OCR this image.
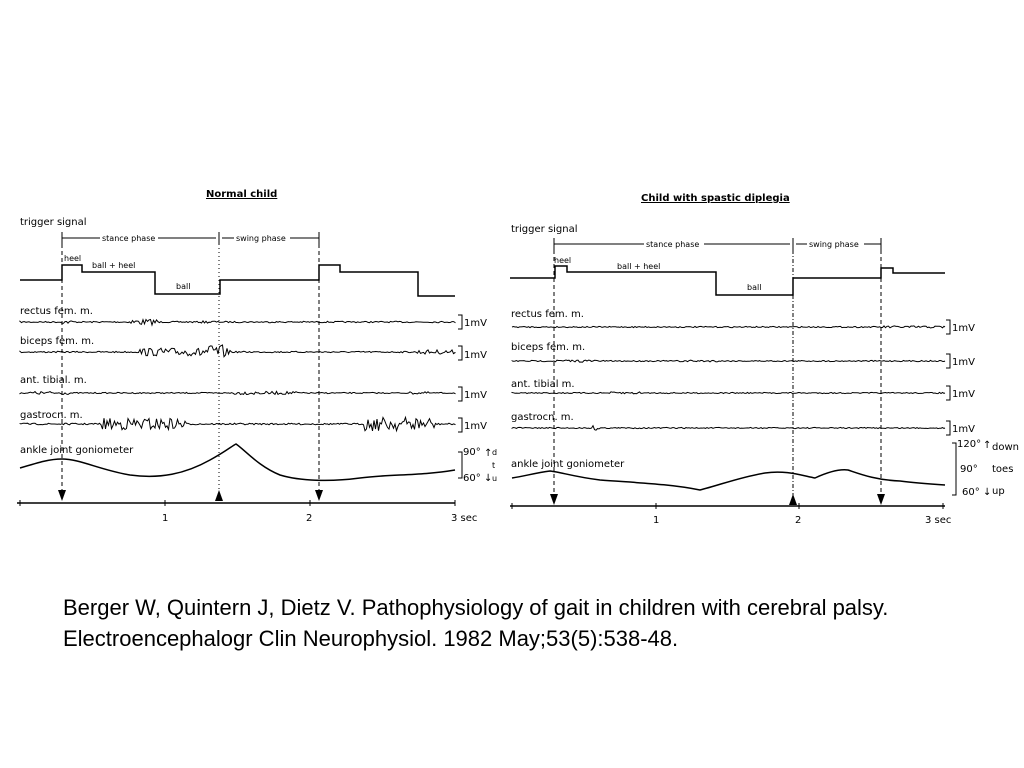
Normal child
trigger signal
stance phase	swing phase
heel
ball + heel
ball
rectus fem. m.
1mV
biceps fem. m.
1mV
ant. tibial. m.
1mV
gastrocn. m.
1mV
ankle joint goniometer	90°
60°
↑
↓
d
t
u
1	2	3 sec
Child with spastic diplegia
trigger signal
stance phase	swing phase
heel
ball + heel
ball
rectus fem. m.
1mV
biceps fem. m.
1mV
ant. tibial m.
1mV
gastrocn. m.
1mV
ankle joint goniometer
120°
90°
60°
↑
↓
down
toes
up
1	2	3 sec

Berger W, Quintern J, Dietz V. Pathophysiology of gait in children with cerebral palsy. Electroencephalogr Clin Neurophysiol. 1982 May;53(5):538-48.
